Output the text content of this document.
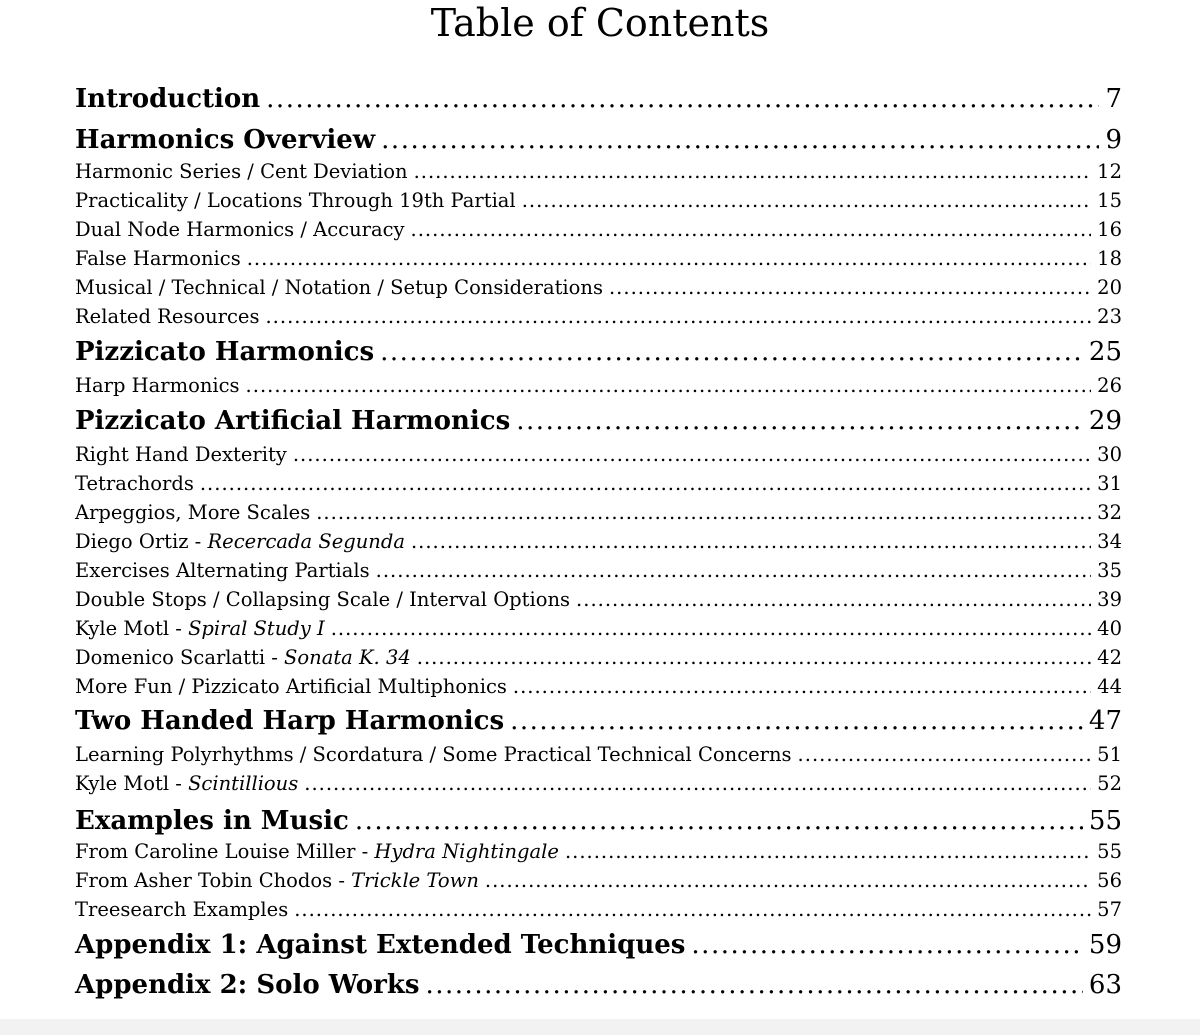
Table of Contents
Introduction .....	7
Harmonics Overview .....	9
Harmonic Series / Cent Deviation .....	12
Practicality / Locations Through 19th Partial .....	15
Dual Node Harmonics / Accuracy .....	16
False Harmonics .....	18
Musical / Technical / Notation / Setup Considerations .....	20
Related Resources .....	23
Pizzicato Harmonics .....	25
Harp Harmonics .....	26
Pizzicato Artificial Harmonics .....	29
Right Hand Dexterity .....	30
Tetrachords .....	31
Arpeggios, More Scales .....	32
Diego Ortiz - Recercada Segunda .....	34
Exercises Alternating Partials .....	35
Double Stops / Collapsing Scale / Interval Options .....	39
Kyle Motl - Spiral Study I .....	40
Domenico Scarlatti - Sonata K. 34 .....	42
More Fun / Pizzicato Artificial Multiphonics .....	44
Two Handed Harp Harmonics .....	47
Learning Polyrhythms / Scordatura / Some Practical Technical Concerns .....	51
Kyle Motl - Scintillious .....	52
Examples in Music .....	55
From Caroline Louise Miller - Hydra Nightingale .....	55
From Asher Tobin Chodos - Trickle Town .....	56
Treesearch Examples .....	57
Appendix 1: Against Extended Techniques .....	59
Appendix 2: Solo Works .....	63
